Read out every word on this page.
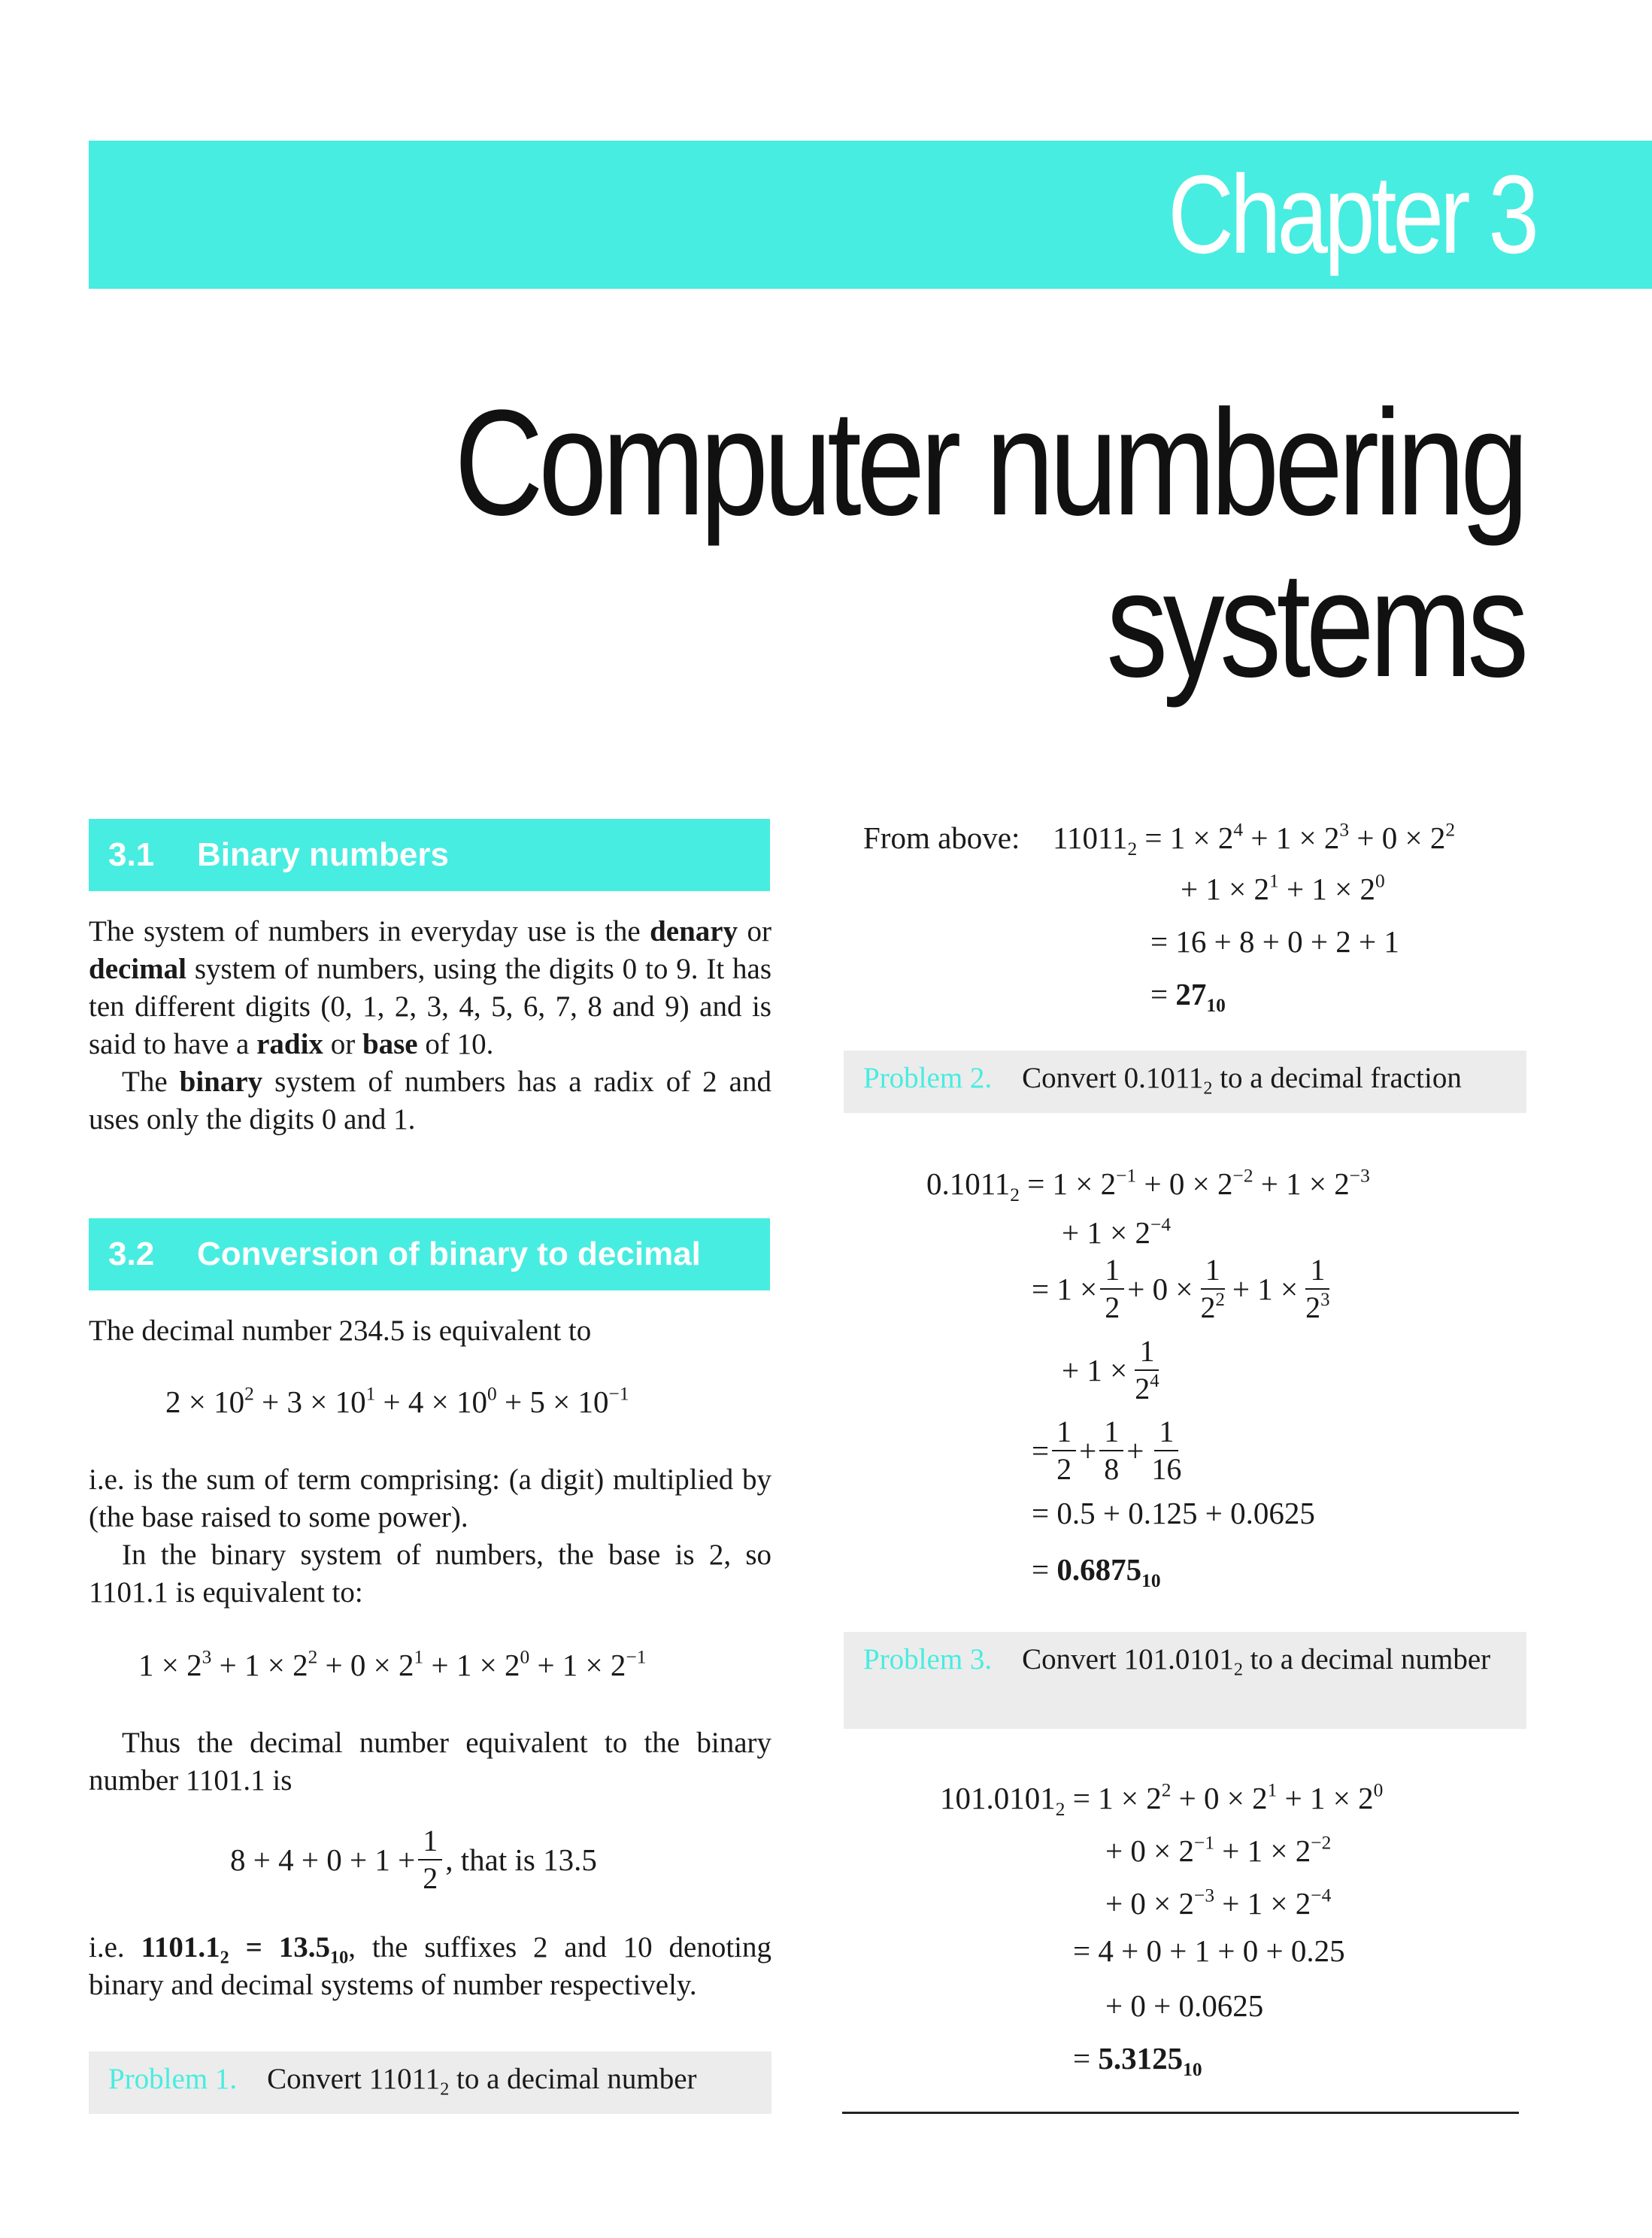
Chapter 3
Computer numbering
systems
3.1 Binary numbers

The system of numbers in everyday use is the denary or decimal system of numbers, using the digits 0 to 9. It has ten different digits (0, 1, 2, 3, 4, 5, 6, 7, 8 and 9) and is said to have a radix or base of 10.

The binary system of numbers has a radix of 2 and uses only the digits 0 and 1.

3.2 Conversion of binary to decimal

The decimal number 234.5 is equivalent to

$2 \times 10^2 + 3 \times 10^1 + 4 \times 10^0 + 5 \times 10^{-1}$

i.e. is the sum of term comprising: (a digit) multiplied by (the base raised to some power).

In the binary system of numbers, the base is 2, so 1101.1 is equivalent to:

$1 \times 2^3 + 1 \times 2^2 + 0 \times 2^1 + 1 \times 2^0 + 1 \times 2^{-1}$

Thus the decimal number equivalent to the binary number 1101.1 is

$8 + 4 + 0 + 1 + \frac{1}{2}$ , that is 13.5

i.e. $1101.1_2 = 13.5_{10}$, the suffixes 2 and 10 denoting binary and decimal systems of number respectively.

Problem 1. Convert $11011_2$ to a decimal number
From above: $11011_2 = 1 \times 2^4 + 1 \times 2^3 + 0 \times 2^2$
+ $1 \times 2^1 + 1 \times 2^0$
= 16 + 8 + 0 + 2 + 1
= $27_{10}$
Problem 2. Convert $0.1011_2$ to a decimal fraction
$0.1011_2 = 1 \times 2^{-1} + 0 \times 2^{-2} + 1 \times 2^{-3}$
+ $1 \times 2^{-4}$
= $1 \times \frac{1}{2} + 0 \times \frac{1}{2^2} + 1 \times \frac{1}{2^3}$
+ $1 \times \frac{1}{2^4}$
= $\frac{1}{2} + \frac{1}{8} + \frac{1}{16}$
= 0.5 + 0.125 + 0.0625
= $0.6875_{10}$
Problem 3. Convert $101.0101_2$ to a decimal number
$101.0101_2 = 1 \times 2^2 + 0 \times 2^1 + 1 \times 2^0$
+ $0 \times 2^{-1} + 1 \times 2^{-2}$
+ $0 \times 2^{-3} + 1 \times 2^{-4}$
= 4 + 0 + 1 + 0 + 0.25
+ 0 + 0.0625
= $5.3125_{10}$
